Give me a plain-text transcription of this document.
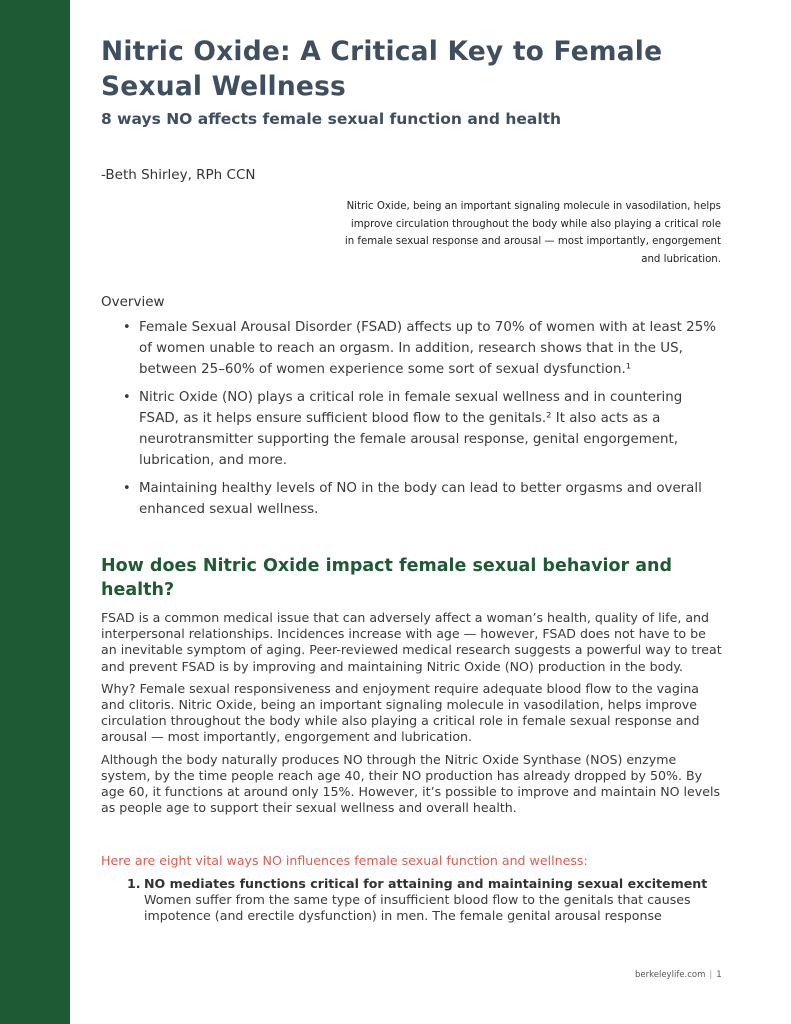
Nitric Oxide: A Critical Key to Female Sexual Wellness
8 ways NO affects female sexual function and health

-Beth Shirley, RPh CCN

Nitric Oxide, being an important signaling molecule in vasodilation, helps improve circulation throughout the body while also playing a critical role in female sexual response and arousal — most importantly, engorgement and lubrication.

Overview

• Female Sexual Arousal Disorder (FSAD) affects up to 70% of women with at least 25% of women unable to reach an orgasm. In addition, research shows that in the US, between 25–60% of women experience some sort of sexual dysfunction.¹
• Nitric Oxide (NO) plays a critical role in female sexual wellness and in countering FSAD, as it helps ensure sufficient blood flow to the genitals.² It also acts as a neurotransmitter supporting the female arousal response, genital engorgement, lubrication, and more.
• Maintaining healthy levels of NO in the body can lead to better orgasms and overall enhanced sexual wellness.
How does Nitric Oxide impact female sexual behavior and health?

FSAD is a common medical issue that can adversely affect a woman’s health, quality of life, and interpersonal relationships. Incidences increase with age — however, FSAD does not have to be an inevitable symptom of aging. Peer-reviewed medical research suggests a powerful way to treat and prevent FSAD is by improving and maintaining Nitric Oxide (NO) production in the body.

Why? Female sexual responsiveness and enjoyment require adequate blood flow to the vagina and clitoris. Nitric Oxide, being an important signaling molecule in vasodilation, helps improve circulation throughout the body while also playing a critical role in female sexual response and arousal — most importantly, engorgement and lubrication.

Although the body naturally produces NO through the Nitric Oxide Synthase (NOS) enzyme system, by the time people reach age 40, their NO production has already dropped by 50%. By age 60, it functions at around only 15%. However, it’s possible to improve and maintain NO levels as people age to support their sexual wellness and overall health.

Here are eight vital ways NO influences female sexual function and wellness:

1. NO mediates functions critical for attaining and maintaining sexual excitement

Women suffer from the same type of insufficient blood flow to the genitals that causes impotence (and erectile dysfunction) in men. The female genital arousal response

berkeleylife.com | 1
